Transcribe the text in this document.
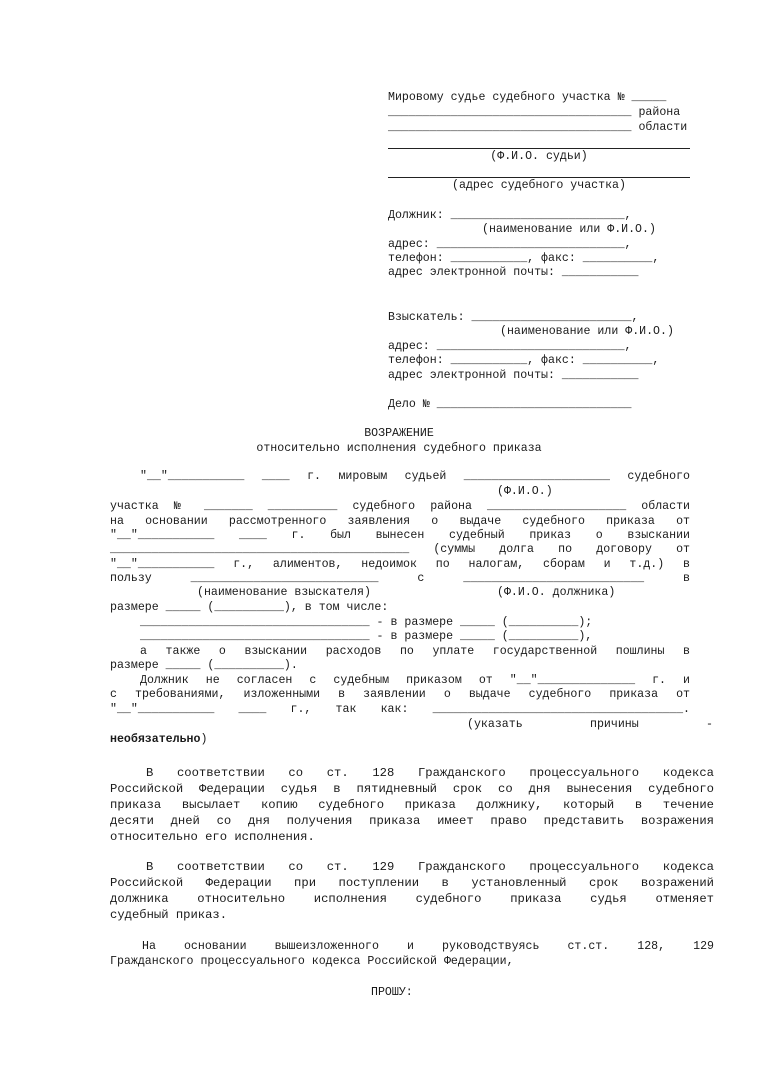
Мировому судье судебного участка № _____
___________________________________ района
___________________________________ области
(Ф.И.О. судьи)
(адрес судебного участка)
Должник: _________________________,
(наименование или Ф.И.О.)
адрес: ___________________________,
телефон: ___________, факс: __________,
адрес электронной почты: ___________
Взыскатель: _______________________,
(наименование или Ф.И.О.)
адрес: ___________________________,
телефон: ___________, факс: __________,
адрес электронной почты: ___________
Дело № ____________________________
ВОЗРАЖЕНИЕ
относительно исполнения судебного приказа
"__"___________ ____ г. мировым судьей _____________________ судебного
(Ф.И.О.)
участка № _______ __________ судебного района ____________________ области
на основании рассмотренного заявления о выдаче судебного приказа от
"__"___________ ____ г. был вынесен судебный приказ о взыскании
___________________________________________ (суммы долга по договору от
"__"___________ г., алиментов, недоимок по налогам, сборам и т.д.) в
пользу ___________________________ с __________________________ в
(наименование взыскателя)	(Ф.И.О. должника)
размере _____ (__________), в том числе:
_________________________________ - в размере _____ (__________);
_________________________________ - в размере _____ (__________),
а также о взыскании расходов по уплате государственной пошлины в
размере _____ (__________).
Должник не согласен с судебным приказом от "__"______________ г. и
с требованиями, изложенными в заявлении о выдаче судебного приказа от
"__"___________ ____ г., так как: ____________________________________.
(указать причины -
необязательно)
В соответствии со ст. 128 Гражданского процессуального кодекса
Российской Федерации судья в пятидневный срок со дня вынесения судебного
приказа высылает копию судебного приказа должнику, который в течение
десяти дней со дня получения приказа имеет право представить возражения
относительно его исполнения.
В соответствии со ст. 129 Гражданского процессуального кодекса
Российской Федерации при поступлении в установленный срок возражений
должника относительно исполнения судебного приказа судья отменяет
судебный приказ.
На основании вышеизложенного и руководствуясь ст.ст. 128, 129
Гражданского процессуального кодекса Российской Федерации,
ПРОШУ:
